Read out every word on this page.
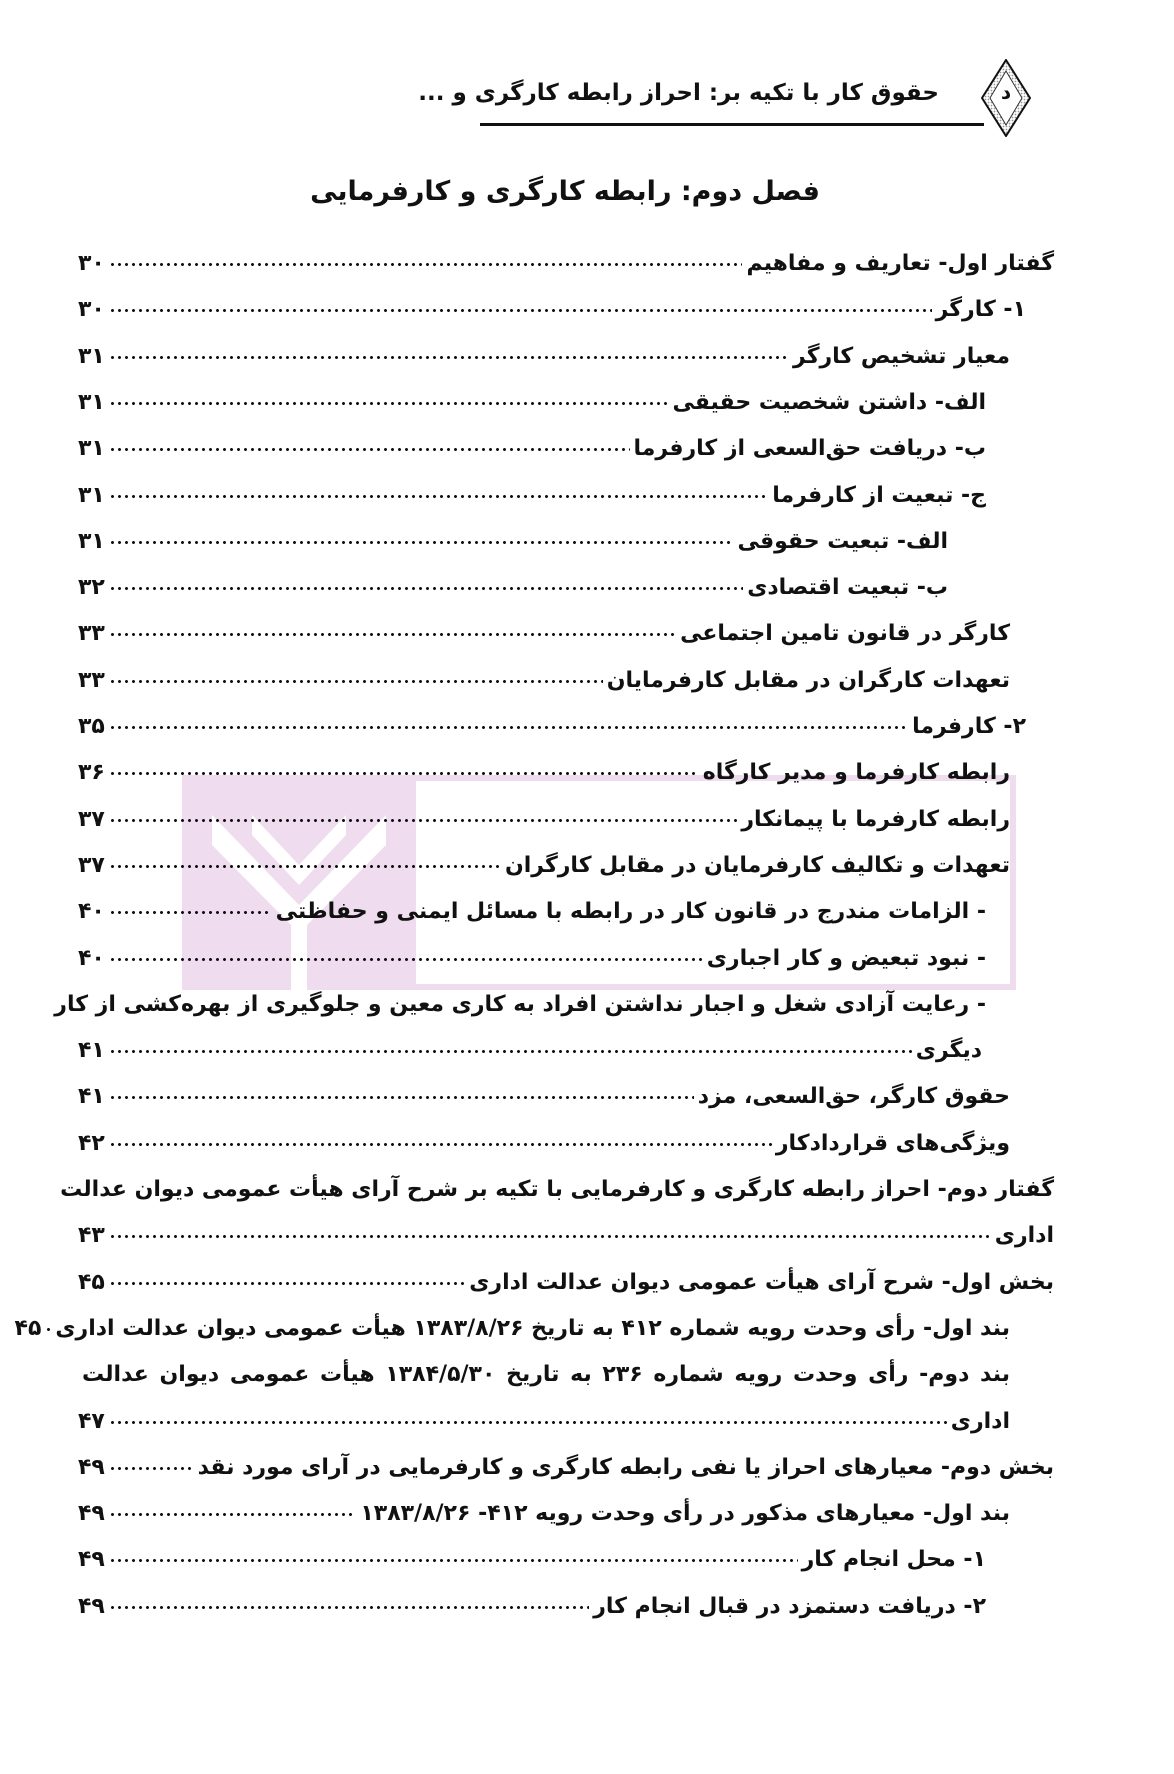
د
حقوق کار با تکیه بر: احراز رابطه کارگری و ...
فصل دوم: رابطه کارگری و کارفرمایی
گفتار اول- تعاریف و مفاهیم
۳۰
۱- کارگر
۳۰
معیار تشخیص کارگر
۳۱
الف- داشتن شخصیت حقیقی
۳۱
ب- دریافت حق‌السعی از کارفرما
۳۱
ج- تبعیت از کارفرما
۳۱
الف- تبعیت حقوقی
۳۱
ب- تبعیت اقتصادی
۳۲
کارگر در قانون تامین اجتماعی
۳۳
تعهدات کارگران در مقابل کارفرمایان
۳۳
۲- کارفرما
۳۵
رابطه کارفرما و مدیر کارگاه
۳۶
رابطه کارفرما با پیمانکار
۳۷
تعهدات و تکالیف کارفرمایان در مقابل کارگران
۳۷
- الزامات مندرج در قانون کار در رابطه با مسائل ایمنی و حفاظتی
۴۰
- نبود تبعیض و کار اجباری
۴۰
- رعایت آزادی شغل و اجبار نداشتن افراد به کاری معین و جلوگیری از بهره‌کشی از کار
دیگری
۴۱
حقوق کارگر، حق‌السعی، مزد
۴۱
ویژگی‌های قراردادکار
۴۲
گفتار دوم- احراز رابطه کارگری و کارفرمایی با تکیه بر شرح آرای هیأت عمومی دیوان عدالت
اداری
۴۳
بخش اول- شرح آرای هیأت عمومی دیوان عدالت اداری
۴۵
بند اول- رأی وحدت رویه شماره ۴۱۲ به تاریخ ۱۳۸۳/۸/۲۶ هیأت عمومی دیوان عدالت اداری
۴۵
بند دوم- رأی وحدت رویه شماره ۲۳۶ به تاریخ ۱۳۸۴/۵/۳۰ هیأت عمومی دیوان عدالت
اداری
۴۷
بخش دوم- معیارهای احراز یا نفی رابطه کارگری و کارفرمایی در آرای مورد نقد
۴۹
بند اول- معیارهای مذکور در رأی وحدت رویه ۴۱۲- ۱۳۸۳/۸/۲۶
۴۹
۱- محل انجام کار
۴۹
۲- دریافت دستمزد در قبال انجام کار
۴۹
